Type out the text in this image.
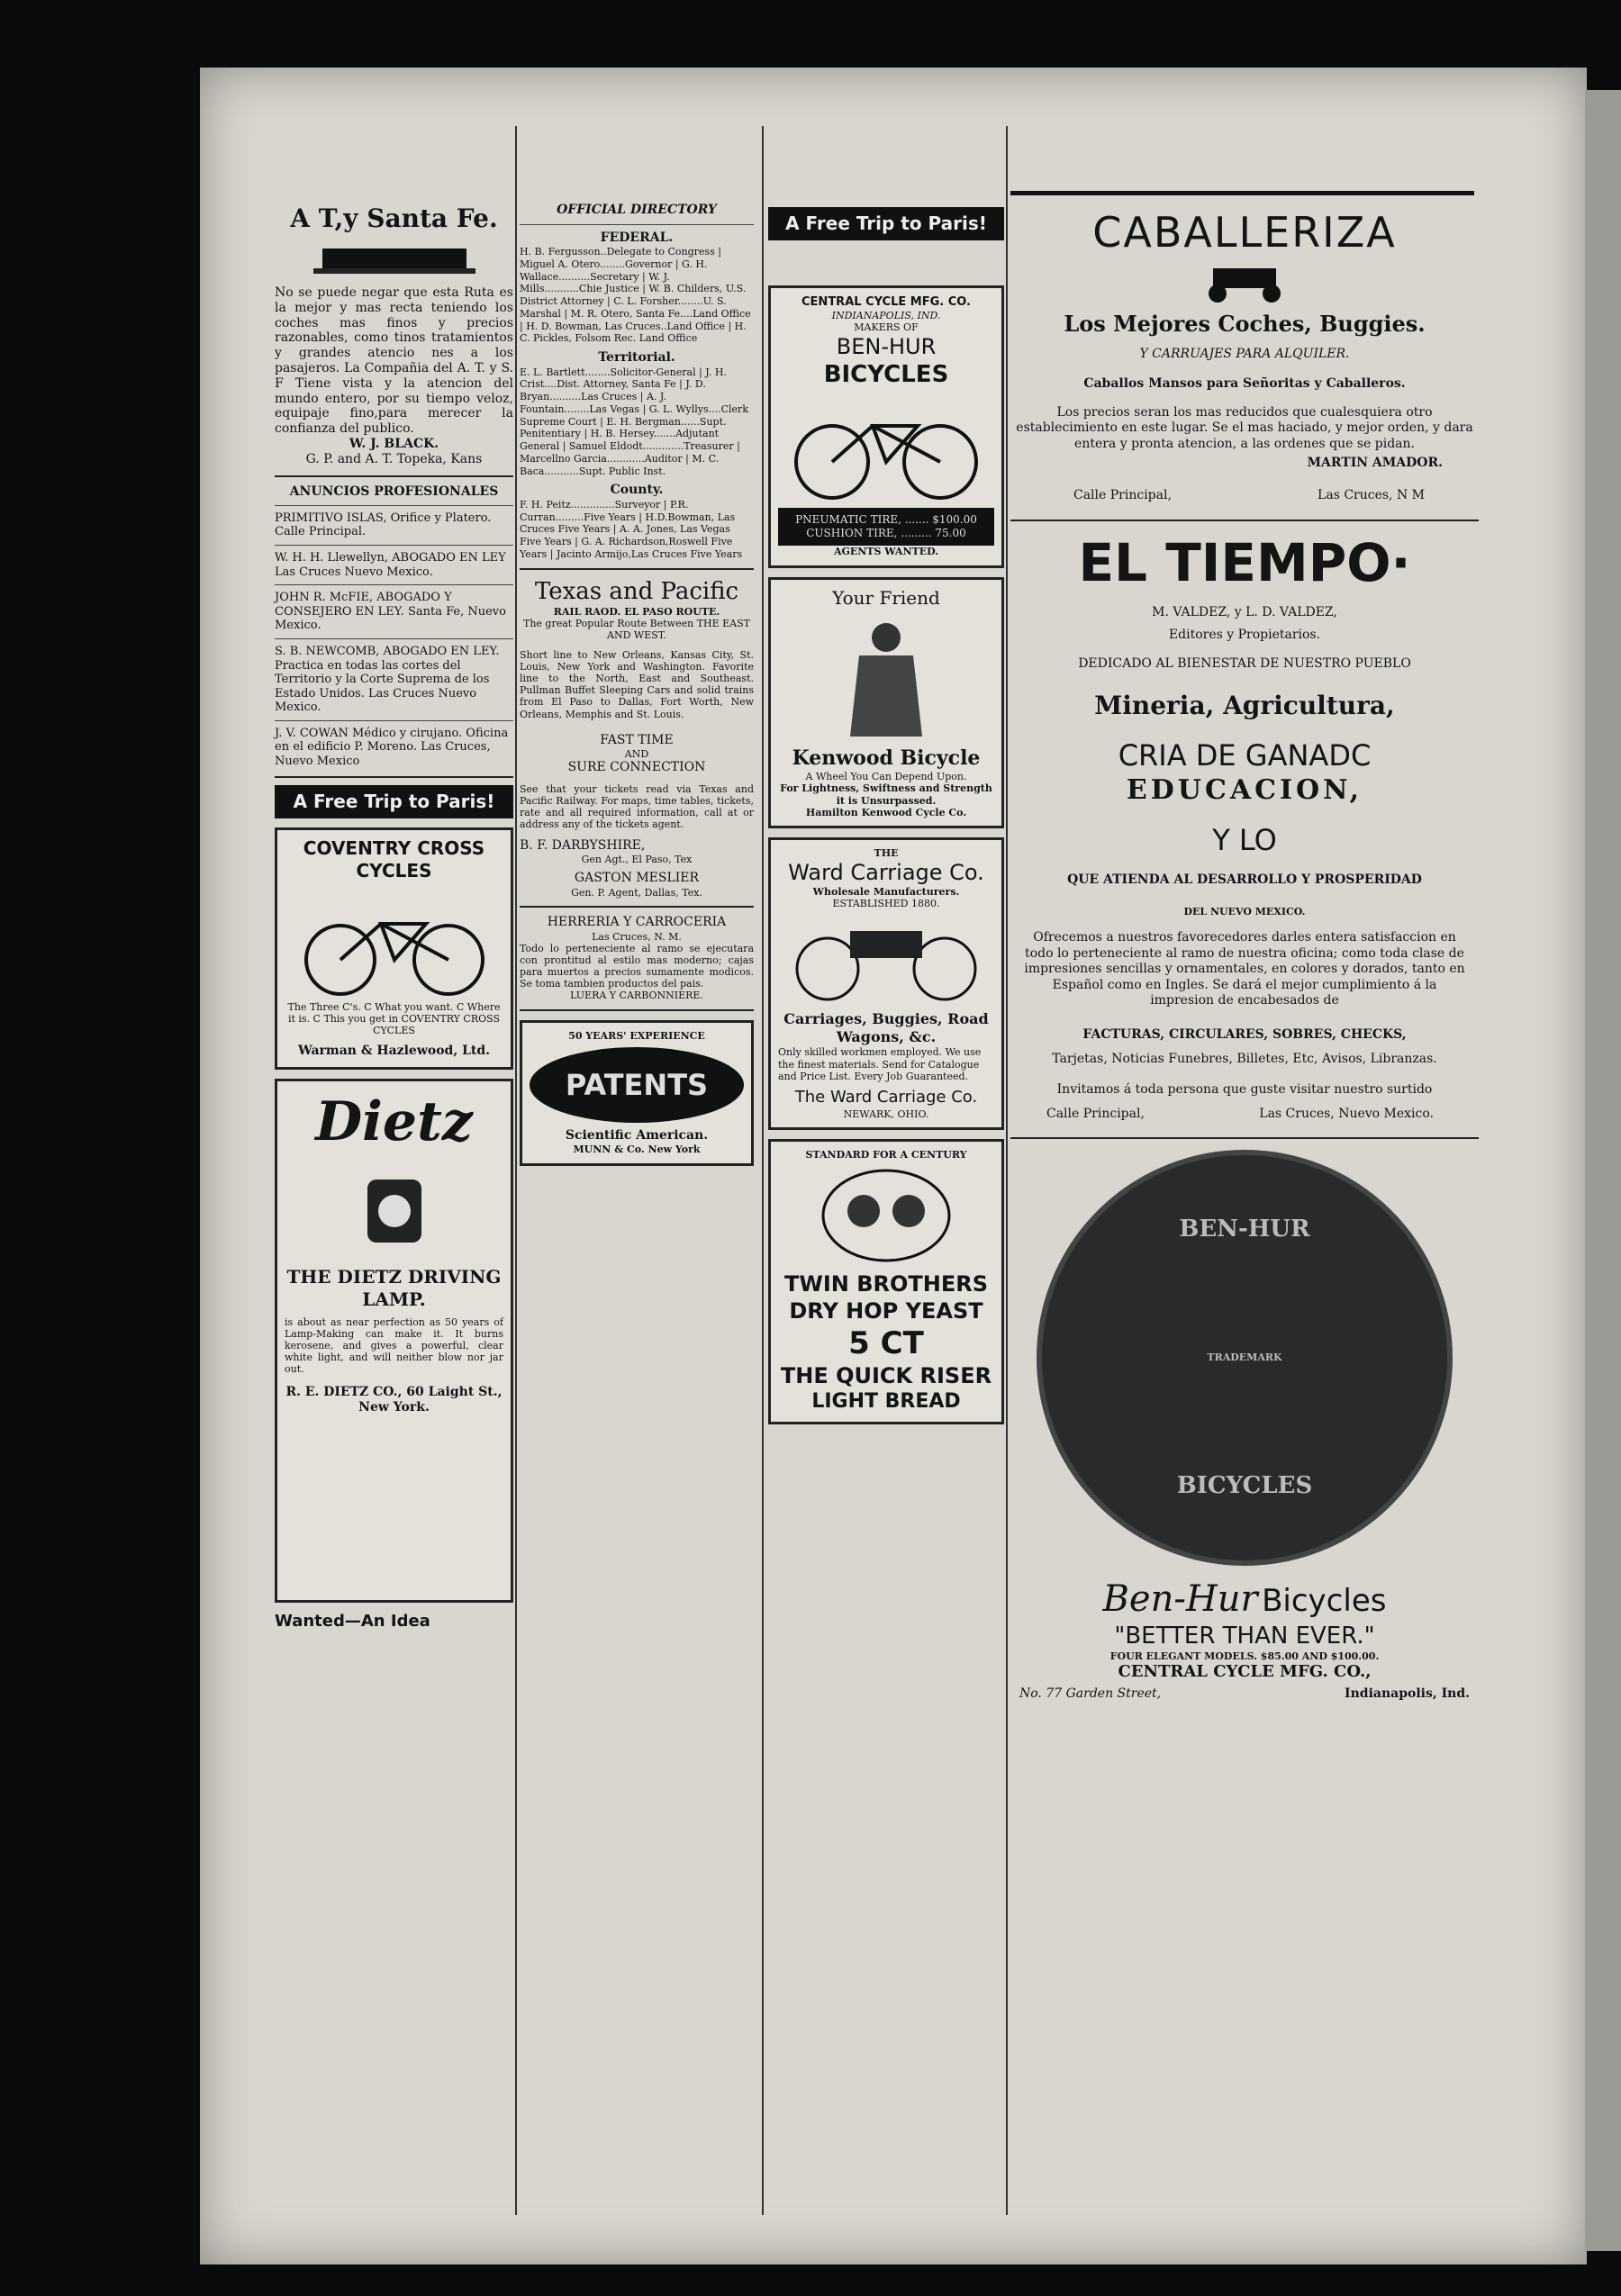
A T,y Santa Fe.
No se puede negar que esta Ruta es la mejor y mas recta teniendo los coches mas finos y precios razonables, como tinos tratamientos y grandes atencio nes a los pasajeros. La Compañia del A. T. y S. F Tiene vista y la atencion del mundo entero, por su tiempo veloz, equipaje fino,para merecer la confianza del publico.
W. J. BLACK.
G. P. and A. T. Topeka, Kans
ANUNCIOS PROFESIONALES
PRIMITIVO ISLAS, Orifice y Platero. Calle Principal.
W. H. H. Llewellyn, ABOGADO EN LEY Las Cruces Nuevo Mexico.
JOHN R. McFIE, ABOGADO Y CONSEJERO EN LEY. Santa Fe, Nuevo Mexico.
S. B. NEWCOMB, ABOGADO EN LEY. Practica en todas las cortes del Territorio y la Corte Suprema de los Estado Unidos. Las Cruces Nuevo Mexico.
J. V. COWAN Médico y cirujano. Oficina en el edificio P. Moreno. Las Cruces, Nuevo Mexico
A Free Trip to Paris!
COVENTRY CROSS CYCLES
The Three C's. C What you want. C Where it is. C This you get in COVENTRY CROSS CYCLES
Warman & Hazlewood, Ltd.
Dietz
THE DIETZ DRIVING LAMP.
is about as near perfection as 50 years of Lamp-Making can make it. It burns kerosene, and gives a powerful, clear white light, and will neither blow nor jar out.
R. E. DIETZ CO., 60 Laight St., New York.
Wanted—An Idea
OFFICIAL DIRECTORY
FEDERAL.
H. B. Fergusson..Delegate to Congress | Miguel A. Otero........Governor | G. H. Wallace..........Secretary | W. J. Mills...........Chie Justice | W. B. Childers, U.S. District Attorney | C. L. Forsher........U. S. Marshal | M. R. Otero, Santa Fe....Land Office | H. D. Bowman, Las Cruces..Land Office | H. C. Pickles, Folsom Rec. Land Office
Territorial.
E. L. Bartlett........Solicitor-General | J. H. Crist....Dist. Attorney, Santa Fe | J. D. Bryan..........Las Cruces | A. J. Fountain........Las Vegas | G. L. Wyllys....Clerk Supreme Court | E. H. Bergman......Supt. Penitentiary | H. B. Hersey.......Adjutant General | Samuel Eldodt.............Treasurer | Marcellno Garcia............Auditor | M. C. Baca...........Supt. Public Inst.
County.
F. H. Peitz..............Surveyor | P.R. Curran.........Five Years | H.D.Bowman, Las Cruces Five Years | A. A. Jones, Las Vegas Five Years | G. A. Richardson,Roswell Five Years | Jacinto Armijo,Las Cruces Five Years
Texas and Pacific
RAIL RAOD. EL PASO ROUTE.
The great Popular Route Between THE EAST AND WEST.
Short line to New Orleans, Kansas City, St. Louis, New York and Washington. Favorite line to the North, East and Southeast. Pullman Buffet Sleeping Cars and solid trains from El Paso to Dallas, Fort Worth, New Orleans, Memphis and St. Louis.
FAST TIME
AND
SURE CONNECTION
See that your tickets read via Texas and Pacific Railway. For maps, time tables, tickets, rate and all required information, call at or address any of the tickets agent.
B. F. DARBYSHIRE,
Gen Agt., El Paso, Tex
GASTON MESLIER
Gen. P. Agent, Dallas, Tex.
HERRERIA Y CARROCERIA
Las Cruces, N. M.
Todo lo perteneciente al ramo se ejecutara con prontitud al estilo mas moderno; cajas para muertos a precios sumamente modicos. Se toma tambien productos del pais.
LUERA Y CARBONNIERE.
50 YEARS' EXPERIENCE
PATENTS
Scientific American.
MUNN & Co. New York
A Free Trip to Paris!
CENTRAL CYCLE MFG. CO.
INDIANAPOLIS, IND.
MAKERS OF
BEN-HUR
BICYCLES
PNEUMATIC TIRE, ....... $100.00
CUSHION TIRE, ......... 75.00
AGENTS WANTED.
Your Friend
Kenwood Bicycle
A Wheel You Can Depend Upon.
For Lightness, Swiftness and Strength it is Unsurpassed.
Hamilton Kenwood Cycle Co.
THE
Ward Carriage Co.
Wholesale Manufacturers.
ESTABLISHED 1880.
Carriages, Buggies, Road Wagons, &c.
Only skilled workmen employed. We use the finest materials. Send for Catalogue and Price List. Every Job Guaranteed.
The Ward Carriage Co.
NEWARK, OHIO.
STANDARD FOR A CENTURY
TWIN BROTHERS DRY HOP YEAST
5 CT
THE QUICK RISER
LIGHT BREAD
CABALLERIZA
Los Mejores Coches, Buggies.
Y CARRUAJES PARA ALQUILER.
Caballos Mansos para Señoritas y Caballeros.
Los precios seran los mas reducidos que cualesquiera otro establecimiento en este lugar. Se el mas haciado, y mejor orden, y dara entera y pronta atencion, a las ordenes que se pidan.
MARTIN AMADOR.
Calle Principal,	Las Cruces, N M
EL TIEMPO·
M. VALDEZ, y L. D. VALDEZ,
Editores y Propietarios.
DEDICADO AL BIENESTAR DE NUESTRO PUEBLO
Mineria, Agricultura,
CRIA DE GANADC
EDUCACION,
Y LO
QUE ATIENDA AL DESARROLLO Y PROSPERIDAD
DEL NUEVO MEXICO.
Ofrecemos a nuestros favorecedores darles entera satisfaccion en todo lo perteneciente al ramo de nuestra oficina; como toda clase de impresiones sencillas y ornamentales, en colores y dorados, tanto en Español como en Ingles. Se dará el mejor cumplimiento á la impresion de encabesados de
FACTURAS, CIRCULARES, SOBRES, CHECKS,
Tarjetas, Noticias Funebres, Billetes, Etc, Avisos, Libranzas.
Invitamos á toda persona que guste visitar nuestro surtido
Calle Principal,	Las Cruces, Nuevo Mexico.
BEN-HUR
TRADEMARK
BICYCLES
Ben-Hur Bicycles
"BETTER THAN EVER."
FOUR ELEGANT MODELS. $85.00 AND $100.00.
CENTRAL CYCLE MFG. CO.,
No. 77 Garden Street,	Indianapolis, Ind.
